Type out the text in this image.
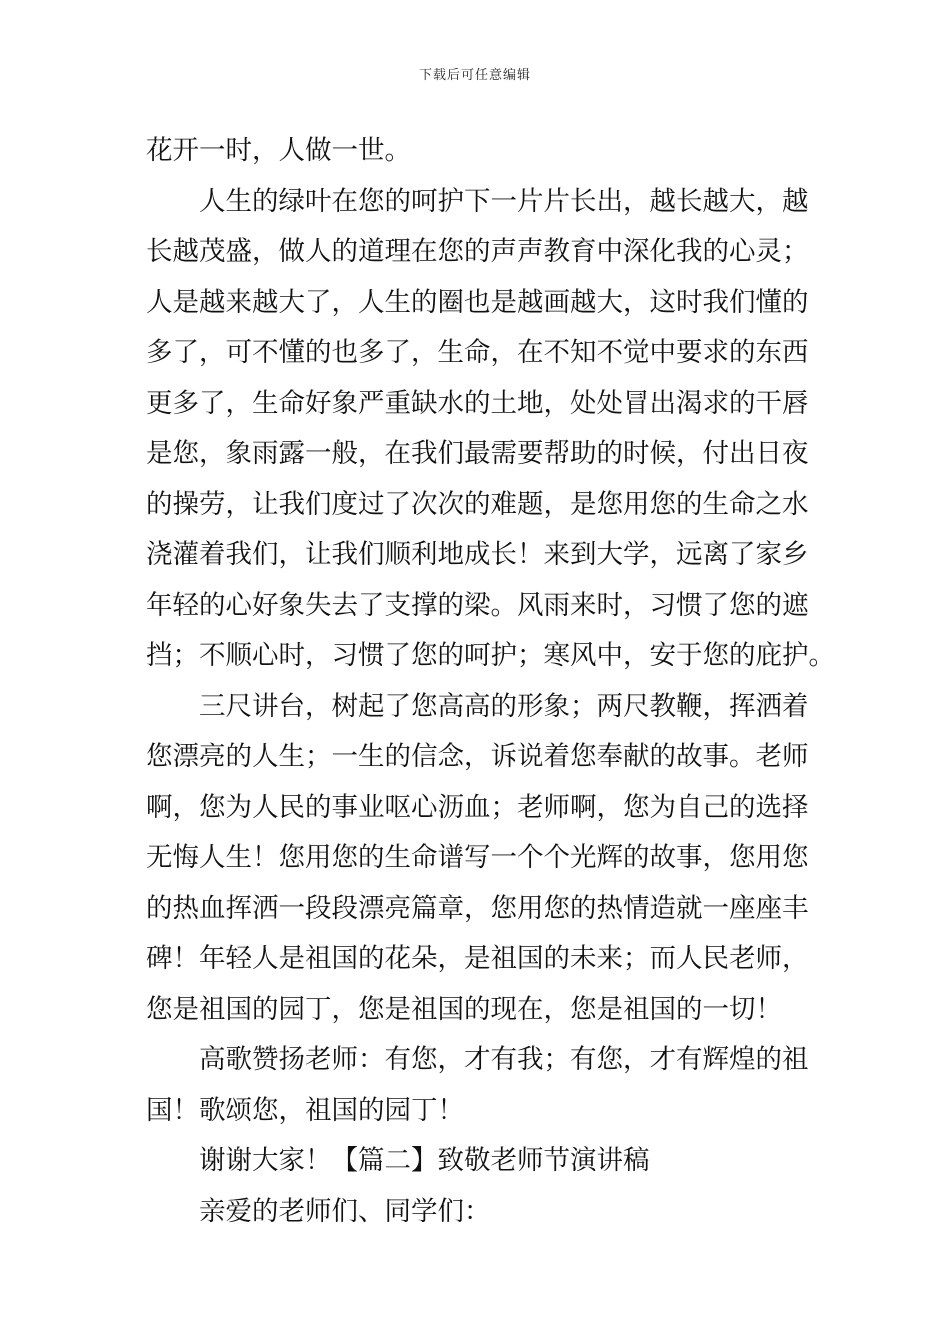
下载后可任意编辑
花开一时，人做一世。
人生的绿叶在您的呵护下一片片长出，越长越大，越
长越茂盛，做人的道理在您的声声教育中深化我的心灵；
人是越来越大了，人生的圈也是越画越大，这时我们懂的
多了，可不懂的也多了，生命，在不知不觉中要求的东西
更多了，生命好象严重缺水的土地，处处冒出渴求的干唇
是您，象雨露一般，在我们最需要帮助的时候，付出日夜
的操劳，让我们度过了次次的难题，是您用您的生命之水
浇灌着我们，让我们顺利地成长！来到大学，远离了家乡
年轻的心好象失去了支撑的梁。风雨来时，习惯了您的遮
挡；不顺心时，习惯了您的呵护；寒风中，安于您的庇护。
三尺讲台，树起了您高高的形象；两尺教鞭，挥洒着
您漂亮的人生；一生的信念，诉说着您奉献的故事。老师
啊，您为人民的事业呕心沥血；老师啊，您为自己的选择
无悔人生！您用您的生命谱写一个个光辉的故事，您用您
的热血挥洒一段段漂亮篇章，您用您的热情造就一座座丰
碑！年轻人是祖国的花朵，是祖国的未来；而人民老师，
您是祖国的园丁，您是祖国的现在，您是祖国的一切！
高歌赞扬老师：有您，才有我；有您，才有辉煌的祖
国！歌颂您，祖国的园丁！
谢谢大家！【篇二】致敬老师节演讲稿
亲爱的老师们、同学们：
